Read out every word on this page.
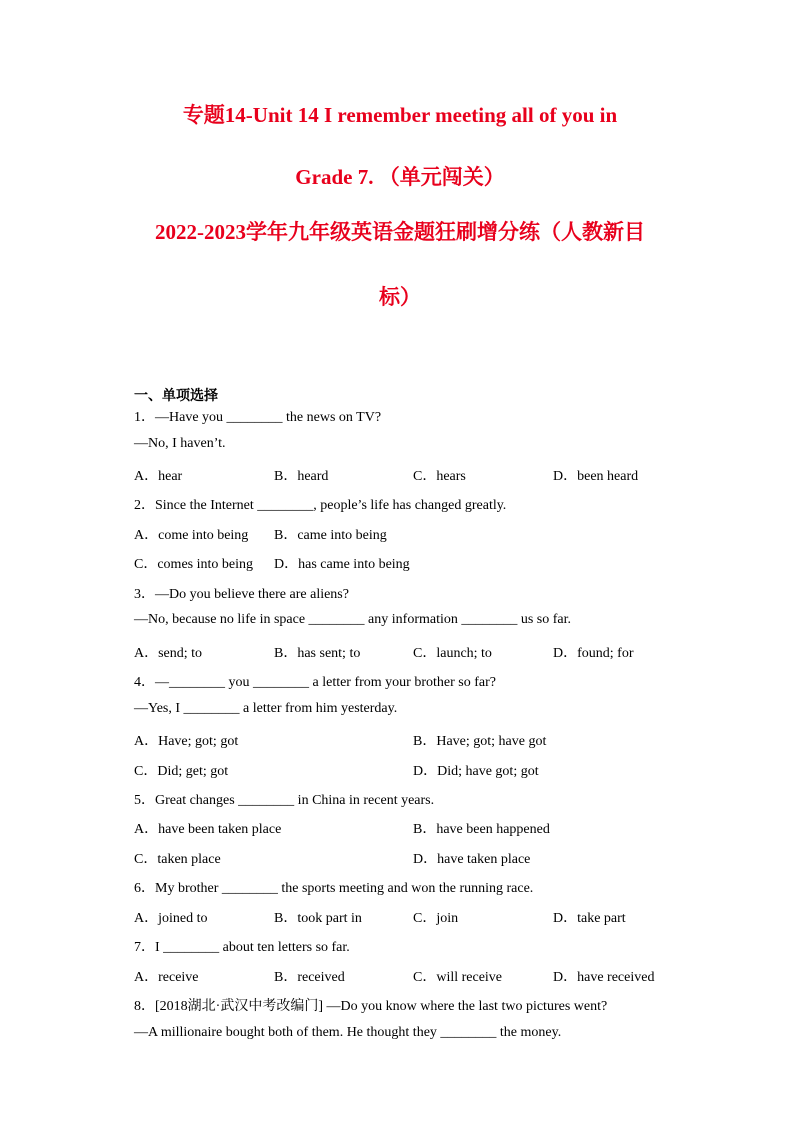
专题14-Unit 14 I remember meeting all of you in
Grade 7. （单元闯关）
2022-2023学年九年级英语金题狂刷增分练（人教新目
标）
一、单项选择
1．—Have you ________ the news on TV?
—No, I haven’t.
A．hear	B．heard	C．hears	D．been heard
2．Since the Internet ________, people’s life has changed greatly.
A．come into being B．came into being
C．comes into being D．has came into being
3．—Do you believe there are aliens?
—No, because no life in space ________ any information ________ us so far.
A．send; to	B．has sent; to	C．launch; to	D．found; for
4．—________ you ________ a letter from your brother so far?
—Yes, I ________ a letter from him yesterday.
A．Have; got; got	B．Have; got; have got
C．Did; get; got	D．Did; have got; got
5．Great changes ________ in China in recent years.
A．have been taken place	B．have been happened
C．taken place	D．have taken place
6．My brother ________ the sports meeting and won the running race.
A．joined to	B．took part in	C．join	D．take part
7．I ________ about ten letters so far.
A．receive	B．received	C．will receive	D．have received
8．[2018湖北·武汉中考改编门] —Do you know where the last two pictures went?
—A millionaire bought both of them. He thought they ________ the money.
